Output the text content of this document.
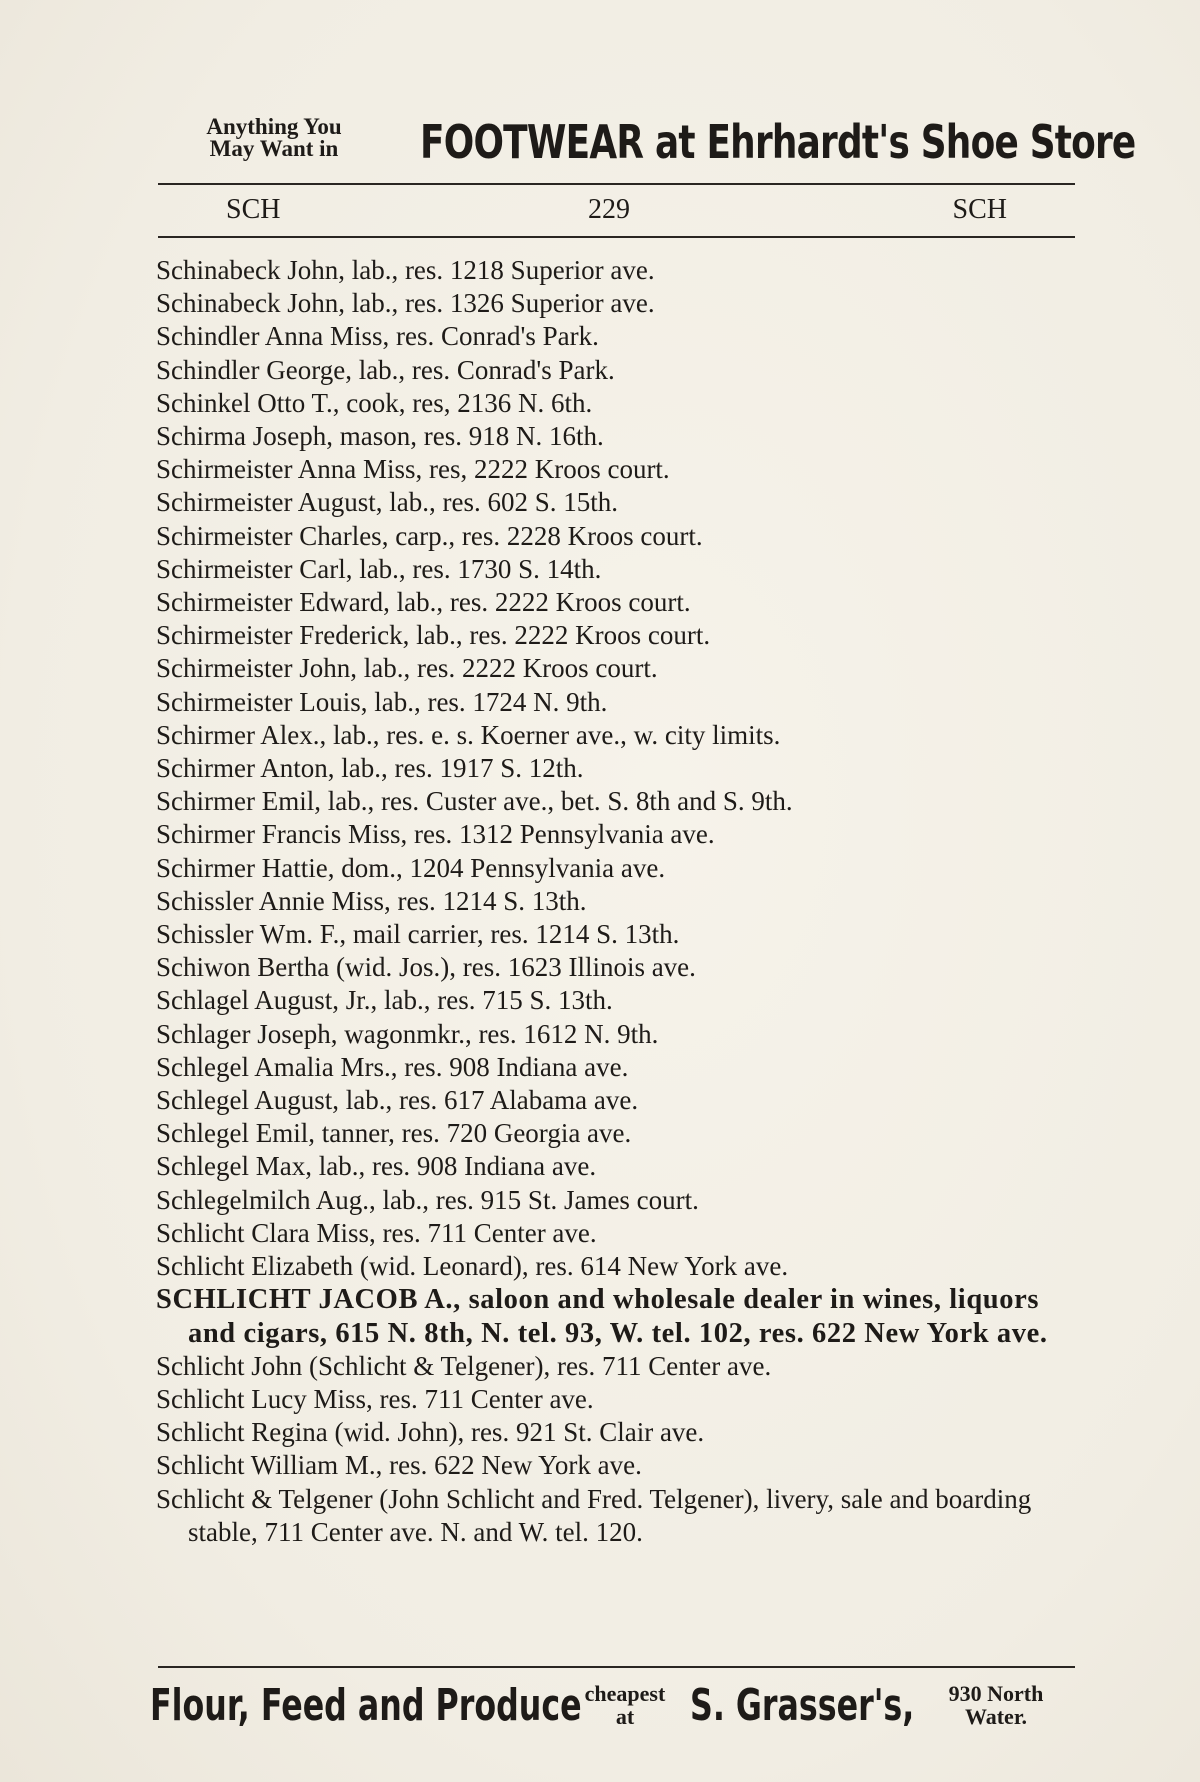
Anything You
May Want in	FOOTWEAR at Ehrhardt's Shoe Store
SCH	229	SCH
Schinabeck John, lab., res. 1218 Superior ave.
Schinabeck John, lab., res. 1326 Superior ave.
Schindler Anna Miss, res. Conrad's Park.
Schindler George, lab., res. Conrad's Park.
Schinkel Otto T., cook, res, 2136 N. 6th.
Schirma Joseph, mason, res. 918 N. 16th.
Schirmeister Anna Miss, res, 2222 Kroos court.
Schirmeister August, lab., res. 602 S. 15th.
Schirmeister Charles, carp., res. 2228 Kroos court.
Schirmeister Carl, lab., res. 1730 S. 14th.
Schirmeister Edward, lab., res. 2222 Kroos court.
Schirmeister Frederick, lab., res. 2222 Kroos court.
Schirmeister John, lab., res. 2222 Kroos court.
Schirmeister Louis, lab., res. 1724 N. 9th.
Schirmer Alex., lab., res. e. s. Koerner ave., w. city limits.
Schirmer Anton, lab., res. 1917 S. 12th.
Schirmer Emil, lab., res. Custer ave., bet. S. 8th and S. 9th.
Schirmer Francis Miss, res. 1312 Pennsylvania ave.
Schirmer Hattie, dom., 1204 Pennsylvania ave.
Schissler Annie Miss, res. 1214 S. 13th.
Schissler Wm. F., mail carrier, res. 1214 S. 13th.
Schiwon Bertha (wid. Jos.), res. 1623 Illinois ave.
Schlagel August, Jr., lab., res. 715 S. 13th.
Schlager Joseph, wagonmkr., res. 1612 N. 9th.
Schlegel Amalia Mrs., res. 908 Indiana ave.
Schlegel August, lab., res. 617 Alabama ave.
Schlegel Emil, tanner, res. 720 Georgia ave.
Schlegel Max, lab., res. 908 Indiana ave.
Schlegelmilch Aug., lab., res. 915 St. James court.
Schlicht Clara Miss, res. 711 Center ave.
Schlicht Elizabeth (wid. Leonard), res. 614 New York ave.
SCHLICHT JACOB A., saloon and wholesale dealer in wines, liquors and cigars, 615 N. 8th, N. tel. 93, W. tel. 102, res. 622 New York ave.
Schlicht John (Schlicht & Telgener), res. 711 Center ave.
Schlicht Lucy Miss, res. 711 Center ave.
Schlicht Regina (wid. John), res. 921 St. Clair ave.
Schlicht William M., res. 622 New York ave.
Schlicht & Telgener (John Schlicht and Fred. Telgener), livery, sale and boarding stable, 711 Center ave. N. and W. tel. 120.
Flour, Feed and Produce cheapest
at	S. Grasser's,	930 North
Water.
